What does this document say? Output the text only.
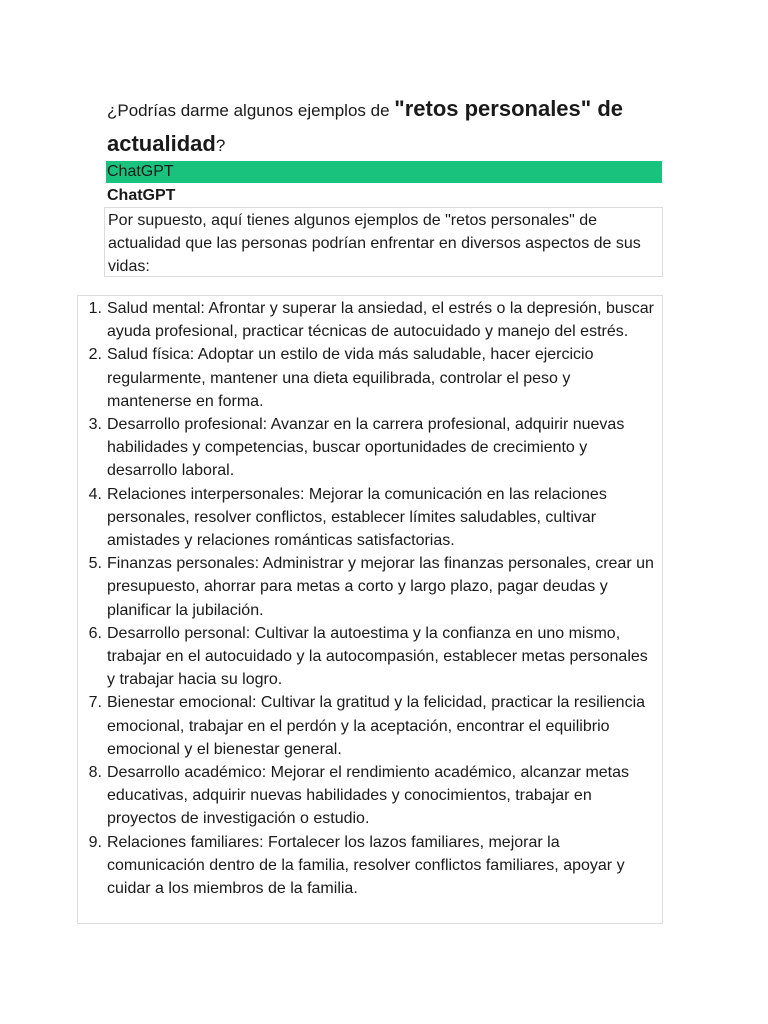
¿Podrías darme algunos ejemplos de "retos personales" de actualidad?
ChatGPT
ChatGPT
Por supuesto, aquí tienes algunos ejemplos de "retos personales" de actualidad que las personas podrían enfrentar en diversos aspectos de sus vidas:
1. Salud mental: Afrontar y superar la ansiedad, el estrés o la depresión, buscar ayuda profesional, practicar técnicas de autocuidado y manejo del estrés.
2. Salud física: Adoptar un estilo de vida más saludable, hacer ejercicio regularmente, mantener una dieta equilibrada, controlar el peso y mantenerse en forma.
3. Desarrollo profesional: Avanzar en la carrera profesional, adquirir nuevas habilidades y competencias, buscar oportunidades de crecimiento y desarrollo laboral.
4. Relaciones interpersonales: Mejorar la comunicación en las relaciones personales, resolver conflictos, establecer límites saludables, cultivar amistades y relaciones románticas satisfactorias.
5. Finanzas personales: Administrar y mejorar las finanzas personales, crear un presupuesto, ahorrar para metas a corto y largo plazo, pagar deudas y planificar la jubilación.
6. Desarrollo personal: Cultivar la autoestima y la confianza en uno mismo, trabajar en el autocuidado y la autocompasión, establecer metas personales y trabajar hacia su logro.
7. Bienestar emocional: Cultivar la gratitud y la felicidad, practicar la resiliencia emocional, trabajar en el perdón y la aceptación, encontrar el equilibrio emocional y el bienestar general.
8. Desarrollo académico: Mejorar el rendimiento académico, alcanzar metas educativas, adquirir nuevas habilidades y conocimientos, trabajar en proyectos de investigación o estudio.
9. Relaciones familiares: Fortalecer los lazos familiares, mejorar la comunicación dentro de la familia, resolver conflictos familiares, apoyar y cuidar a los miembros de la familia.
